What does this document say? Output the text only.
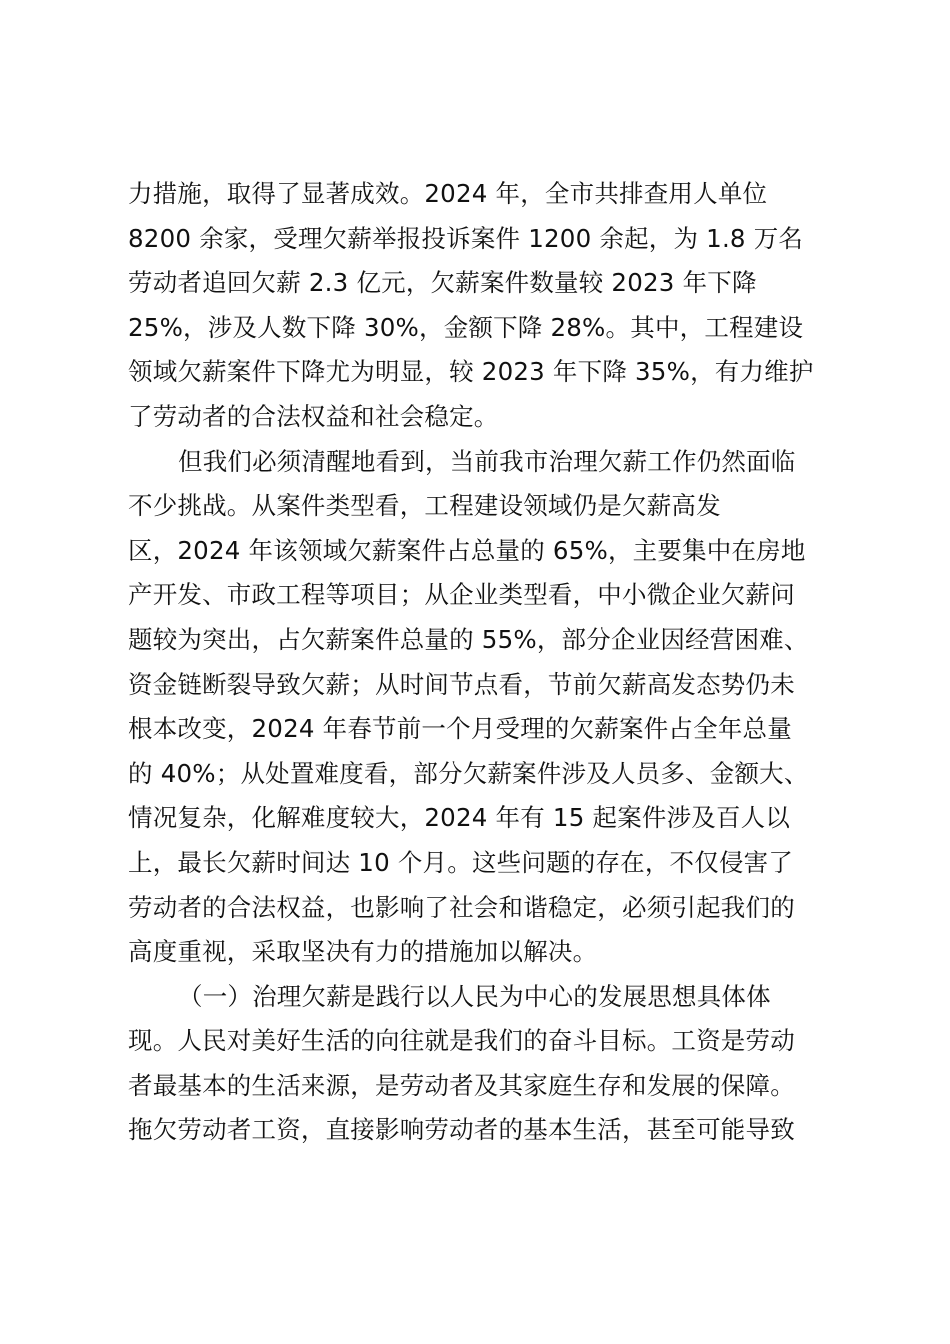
力措施，取得了显著成效。2024 年，全市共排查用人单位
8200 余家，受理欠薪举报投诉案件 1200 余起，为 1.8 万名
劳动者追回欠薪 2.3 亿元，欠薪案件数量较 2023 年下降
25%，涉及人数下降 30%，金额下降 28%。其中，工程建设
领域欠薪案件下降尤为明显，较 2023 年下降 35%，有力维护
了劳动者的合法权益和社会稳定。
但我们必须清醒地看到，当前我市治理欠薪工作仍然面临
不少挑战。从案件类型看，工程建设领域仍是欠薪高发
区，2024 年该领域欠薪案件占总量的 65%，主要集中在房地
产开发、市政工程等项目；从企业类型看，中小微企业欠薪问
题较为突出，占欠薪案件总量的 55%，部分企业因经营困难、
资金链断裂导致欠薪；从时间节点看，节前欠薪高发态势仍未
根本改变，2024 年春节前一个月受理的欠薪案件占全年总量
的 40%；从处置难度看，部分欠薪案件涉及人员多、金额大、
情况复杂，化解难度较大，2024 年有 15 起案件涉及百人以
上，最长欠薪时间达 10 个月。这些问题的存在，不仅侵害了
劳动者的合法权益，也影响了社会和谐稳定，必须引起我们的
高度重视，采取坚决有力的措施加以解决。
（一）治理欠薪是践行以人民为中心的发展思想具体体
现。人民对美好生活的向往就是我们的奋斗目标。工资是劳动
者最基本的生活来源，是劳动者及其家庭生存和发展的保障。
拖欠劳动者工资，直接影响劳动者的基本生活，甚至可能导致
